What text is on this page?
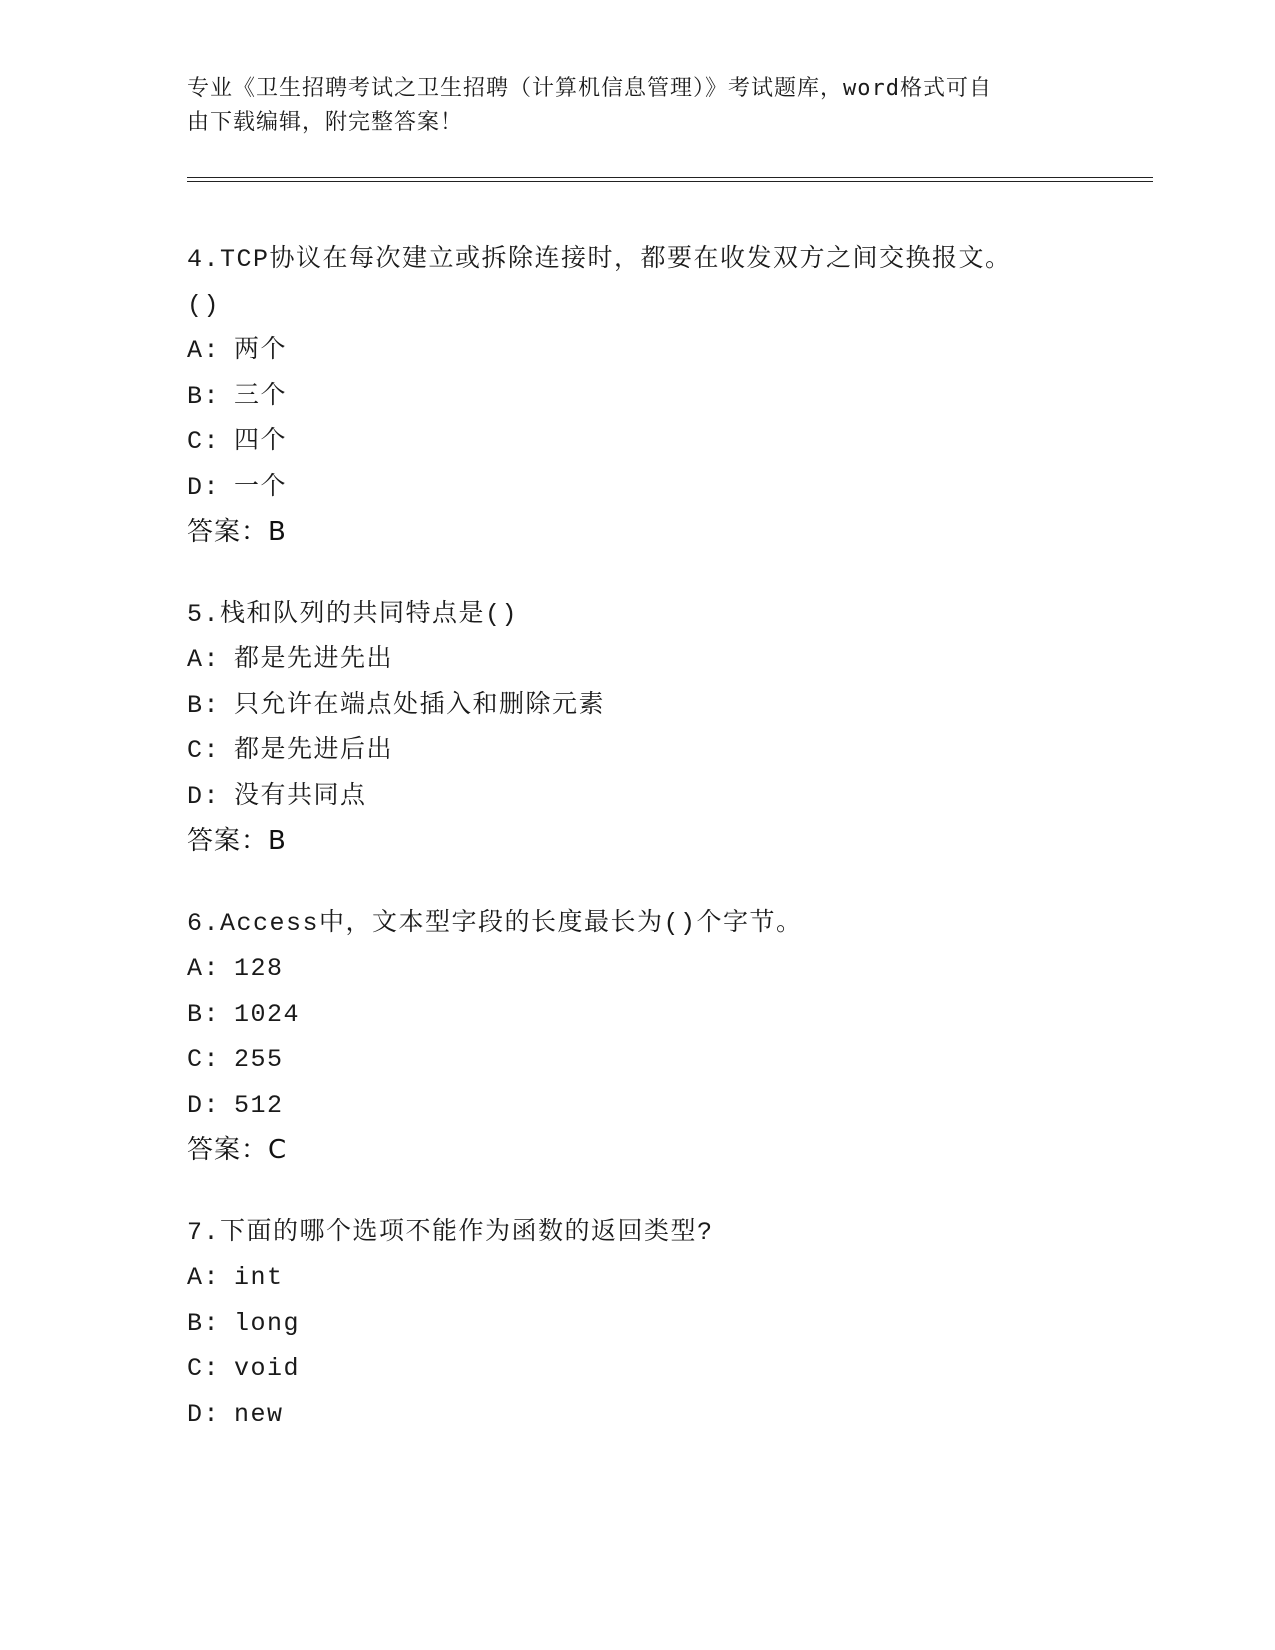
专业《卫生招聘考试之卫生招聘（计算机信息管理）》考试题库，word格式可自
由下载编辑，附完整答案！
4.TCP协议在每次建立或拆除连接时，都要在收发双方之间交换报文。
()
A: 两个
B: 三个
C: 四个
D: 一个
答案：B
5.栈和队列的共同特点是()
A: 都是先进先出
B: 只允许在端点处插入和删除元素
C: 都是先进后出
D: 没有共同点
答案：B
6.Access中，文本型字段的长度最长为()个字节。
A: 128
B: 1024
C: 255
D: 512
答案：C
7.下面的哪个选项不能作为函数的返回类型?
A: int
B: long
C: void
D: new
